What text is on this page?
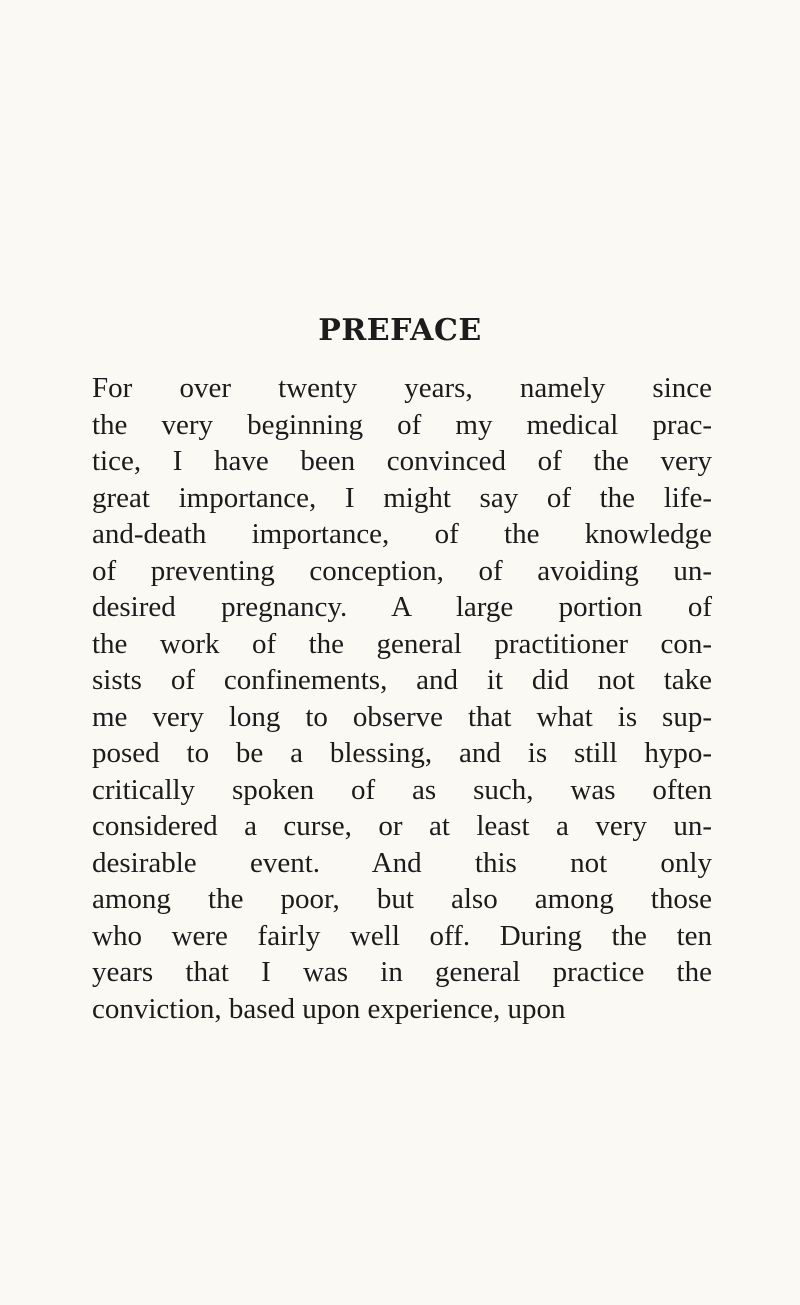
PREFACE
For over twenty years, namely since
the very beginning of my medical prac-
tice, I have been convinced of the very
great importance, I might say of the life-
and-death importance, of the knowledge
of preventing conception, of avoiding un-
desired pregnancy. A large portion of
the work of the general practitioner con-
sists of confinements, and it did not take
me very long to observe that what is sup-
posed to be a blessing, and is still hypo-
critically spoken of as such, was often
considered a curse, or at least a very un-
desirable event. And this not only
among the poor, but also among those
who were fairly well off. During the ten
years that I was in general practice the
conviction, based upon experience, upon
